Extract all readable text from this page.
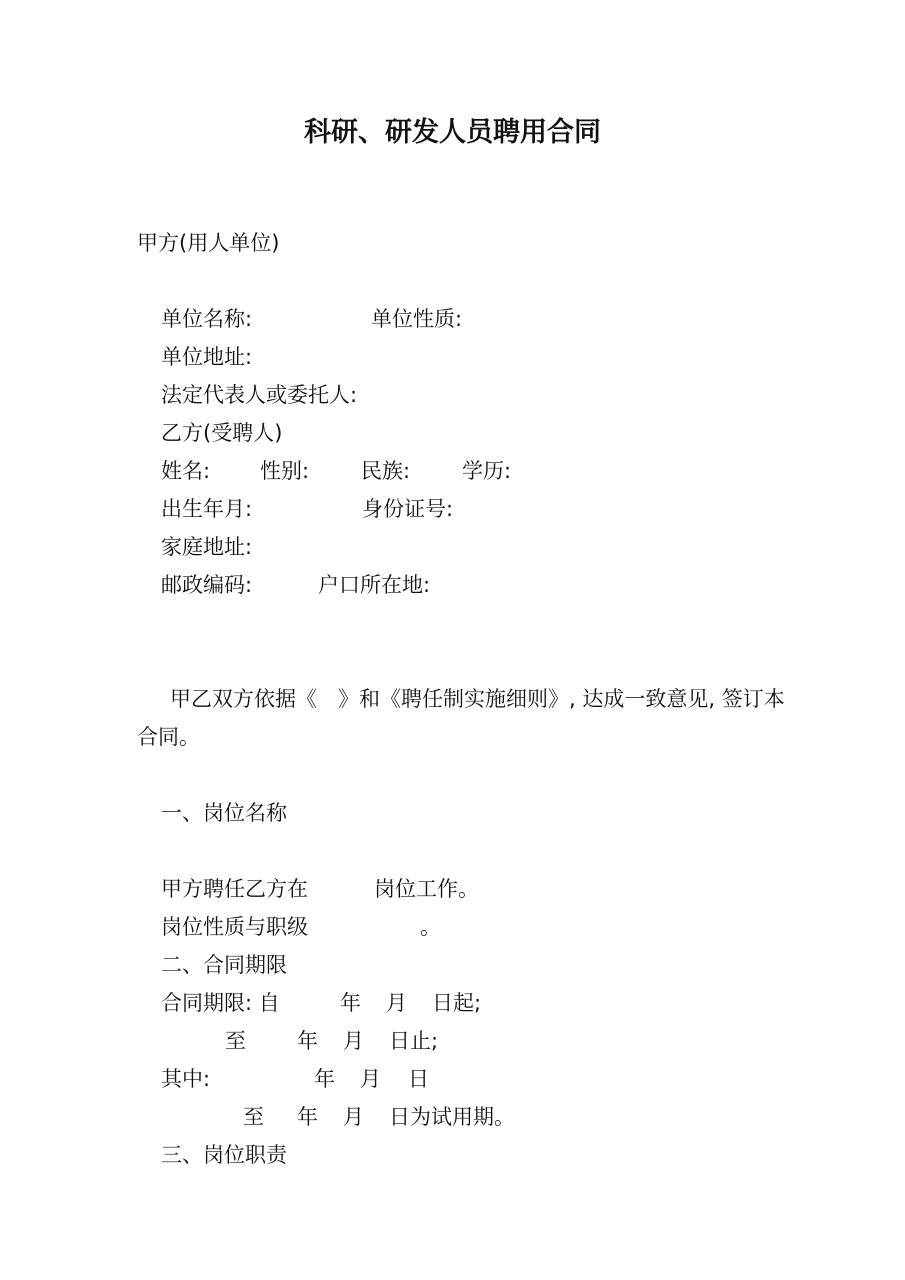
科研、研发人员聘用合同
甲方(用人单位)
单位名称:	单位性质:
单位地址:
法定代表人或委托人:
乙方(受聘人)
姓名: 性别: 民族: 学历:
出生年月:	身份证号:
家庭地址:
邮政编码:	户口所在地:
甲乙双方依据《　》和《聘任制实施细则》, 达成一致意见, 签订本
合同。
一、岗位名称
甲方聘任乙方在	岗位工作。
岗位性质与职级	。
二、合同期限
合同期限: 自	年 月 日起;
至 年 月 日止;
其中:	年 月 日
至 年 月 日为试用期。
三、岗位职责
